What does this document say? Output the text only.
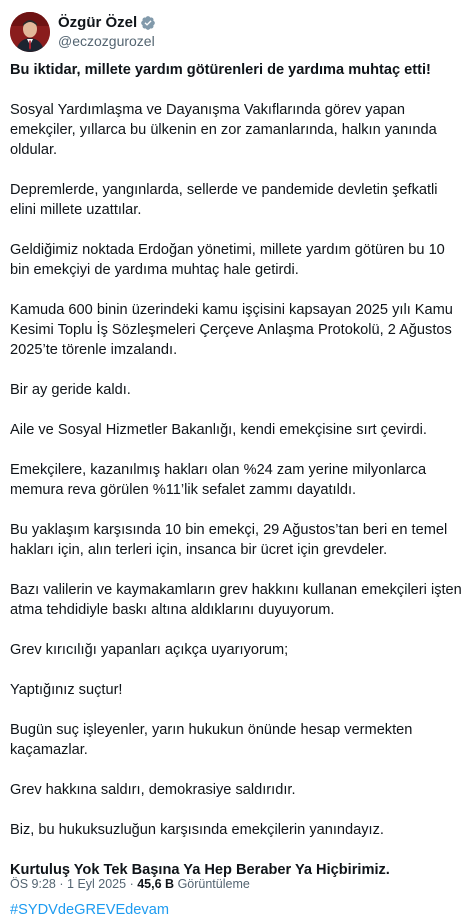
Özgür Özel
@eczozgurozel

Bu iktidar, millete yardım götürenleri de yardıma muhtaç etti!

Sosyal Yardımlaşma ve Dayanışma Vakıflarında görev yapan emekçiler, yıllarca bu ülkenin en zor zamanlarında, halkın yanında oldular.

Depremlerde, yangınlarda, sellerde ve pandemide devletin şefkatli elini millete uzattılar.

Geldiğimiz noktada Erdoğan yönetimi, millete yardım götüren bu 10 bin emekçiyi de yardıma muhtaç hale getirdi.

Kamuda 600 binin üzerindeki kamu işçisini kapsayan 2025 yılı Kamu Kesimi Toplu İş Sözleşmeleri Çerçeve Anlaşma Protokolü, 2 Ağustos 2025’te törenle imzalandı.

Bir ay geride kaldı.

Aile ve Sosyal Hizmetler Bakanlığı, kendi emekçisine sırt çevirdi.

Emekçilere, kazanılmış hakları olan %24 zam yerine milyonlarca memura reva görülen %11’lik sefalet zammı dayatıldı.

Bu yaklaşım karşısında 10 bin emekçi, 29 Ağustos’tan beri en temel hakları için, alın terleri için, insanca bir ücret için grevdeler.

Bazı valilerin ve kaymakamların grev hakkını kullanan emekçileri işten atma tehdidiyle baskı altına aldıklarını duyuyorum.

Grev kırıcılığı yapanları açıkça uyarıyorum;

Yaptığınız suçtur!

Bugün suç işleyenler, yarın hukukun önünde hesap vermekten kaçamazlar.

Grev hakkına saldırı, demokrasiye saldırıdır.

Biz, bu hukuksuzluğun karşısında emekçilerin yanındayız.

Kurtuluş Yok Tek Başına Ya Hep Beraber Ya Hiçbirimiz.

#SYDVdeGREVEdevam

ÖS 9:28 · 1 Eyl 2025 · 45,6 B Görüntüleme
